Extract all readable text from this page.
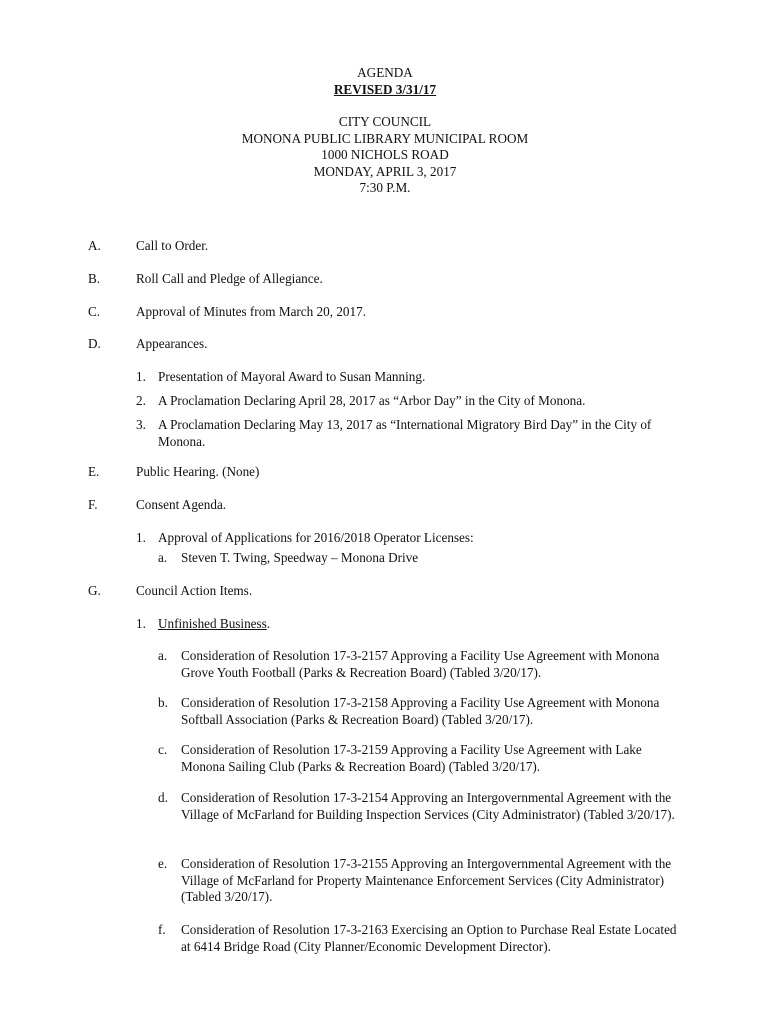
AGENDA
REVISED 3/31/17
CITY COUNCIL
MONONA PUBLIC LIBRARY MUNICIPAL ROOM
1000 NICHOLS ROAD
MONDAY, APRIL 3, 2017
7:30 P.M.
A.	Call to Order.
B.	Roll Call and Pledge of Allegiance.
C.	Approval of Minutes from March 20, 2017.
D.	Appearances.
1. Presentation of Mayoral Award to Susan Manning.
2. A Proclamation Declaring April 28, 2017 as “Arbor Day” in the City of Monona.
3. A Proclamation Declaring May 13, 2017 as “International Migratory Bird Day” in the City of Monona.
E.	Public Hearing. (None)
F.	Consent Agenda.
1. Approval of Applications for 2016/2018 Operator Licenses:
a. Steven T. Twing, Speedway – Monona Drive
G.	Council Action Items.
1. Unfinished Business.
a. Consideration of Resolution 17-3-2157 Approving a Facility Use Agreement with Monona Grove Youth Football (Parks & Recreation Board) (Tabled 3/20/17).
b. Consideration of Resolution 17-3-2158 Approving a Facility Use Agreement with Monona Softball Association (Parks & Recreation Board) (Tabled 3/20/17).
c. Consideration of Resolution 17-3-2159 Approving a Facility Use Agreement with Lake Monona Sailing Club (Parks & Recreation Board) (Tabled 3/20/17).
d. Consideration of Resolution 17-3-2154 Approving an Intergovernmental Agreement with the Village of McFarland for Building Inspection Services (City Administrator) (Tabled 3/20/17).
e. Consideration of Resolution 17-3-2155 Approving an Intergovernmental Agreement with the Village of McFarland for Property Maintenance Enforcement Services (City Administrator) (Tabled 3/20/17).
f. Consideration of Resolution 17-3-2163 Exercising an Option to Purchase Real Estate Located at 6414 Bridge Road (City Planner/Economic Development Director).
